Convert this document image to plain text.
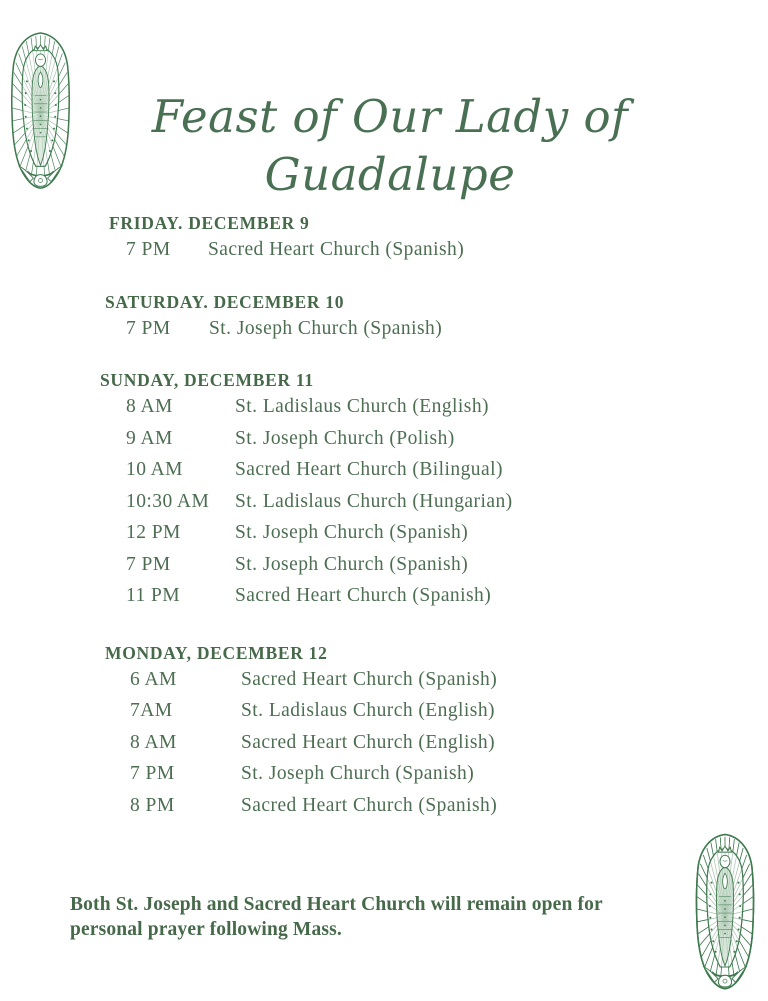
Feast of Our Lady of
Guadalupe
FRIDAY. DECEMBER 9
7 PM	Sacred Heart Church (Spanish)
SATURDAY. DECEMBER 10
7 PM	St. Joseph Church (Spanish)
SUNDAY, DECEMBER 11
8 AM	St. Ladislaus Church (English)
9 AM	St. Joseph Church (Polish)
10 AM	Sacred Heart Church (Bilingual)
10:30 AM	St. Ladislaus Church (Hungarian)
12 PM	St. Joseph Church (Spanish)
7 PM	St. Joseph Church (Spanish)
11 PM	Sacred Heart Church (Spanish)
MONDAY, DECEMBER 12
6 AM	Sacred Heart Church (Spanish)
7AM	St. Ladislaus Church (English)
8 AM	Sacred Heart Church (English)
7 PM	St. Joseph Church (Spanish)
8 PM	Sacred Heart Church (Spanish)

Both St. Joseph and Sacred Heart Church will remain open for personal prayer following Mass.
